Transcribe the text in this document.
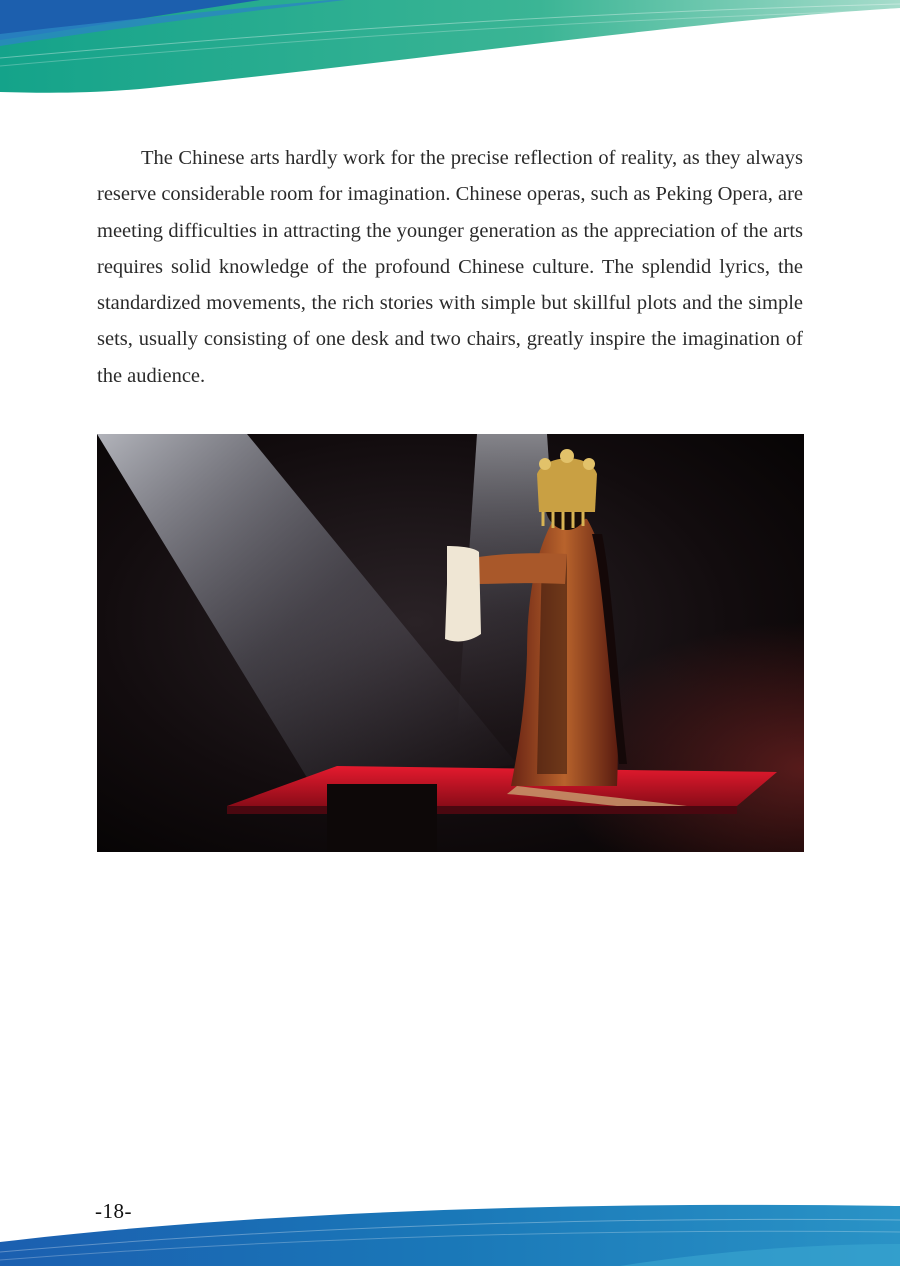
The Chinese arts hardly work for the precise reflection of reality, as they always reserve considerable room for imagination. Chinese operas, such as Peking Opera, are meeting difficulties in attracting the younger generation as the appreciation of the arts requires solid knowledge of the profound Chinese culture. The splendid lyrics, the standardized movements, the rich stories with simple but skillful plots and the simple sets, usually consisting of one desk and two chairs, greatly inspire the imagination of the audience.

-18-
